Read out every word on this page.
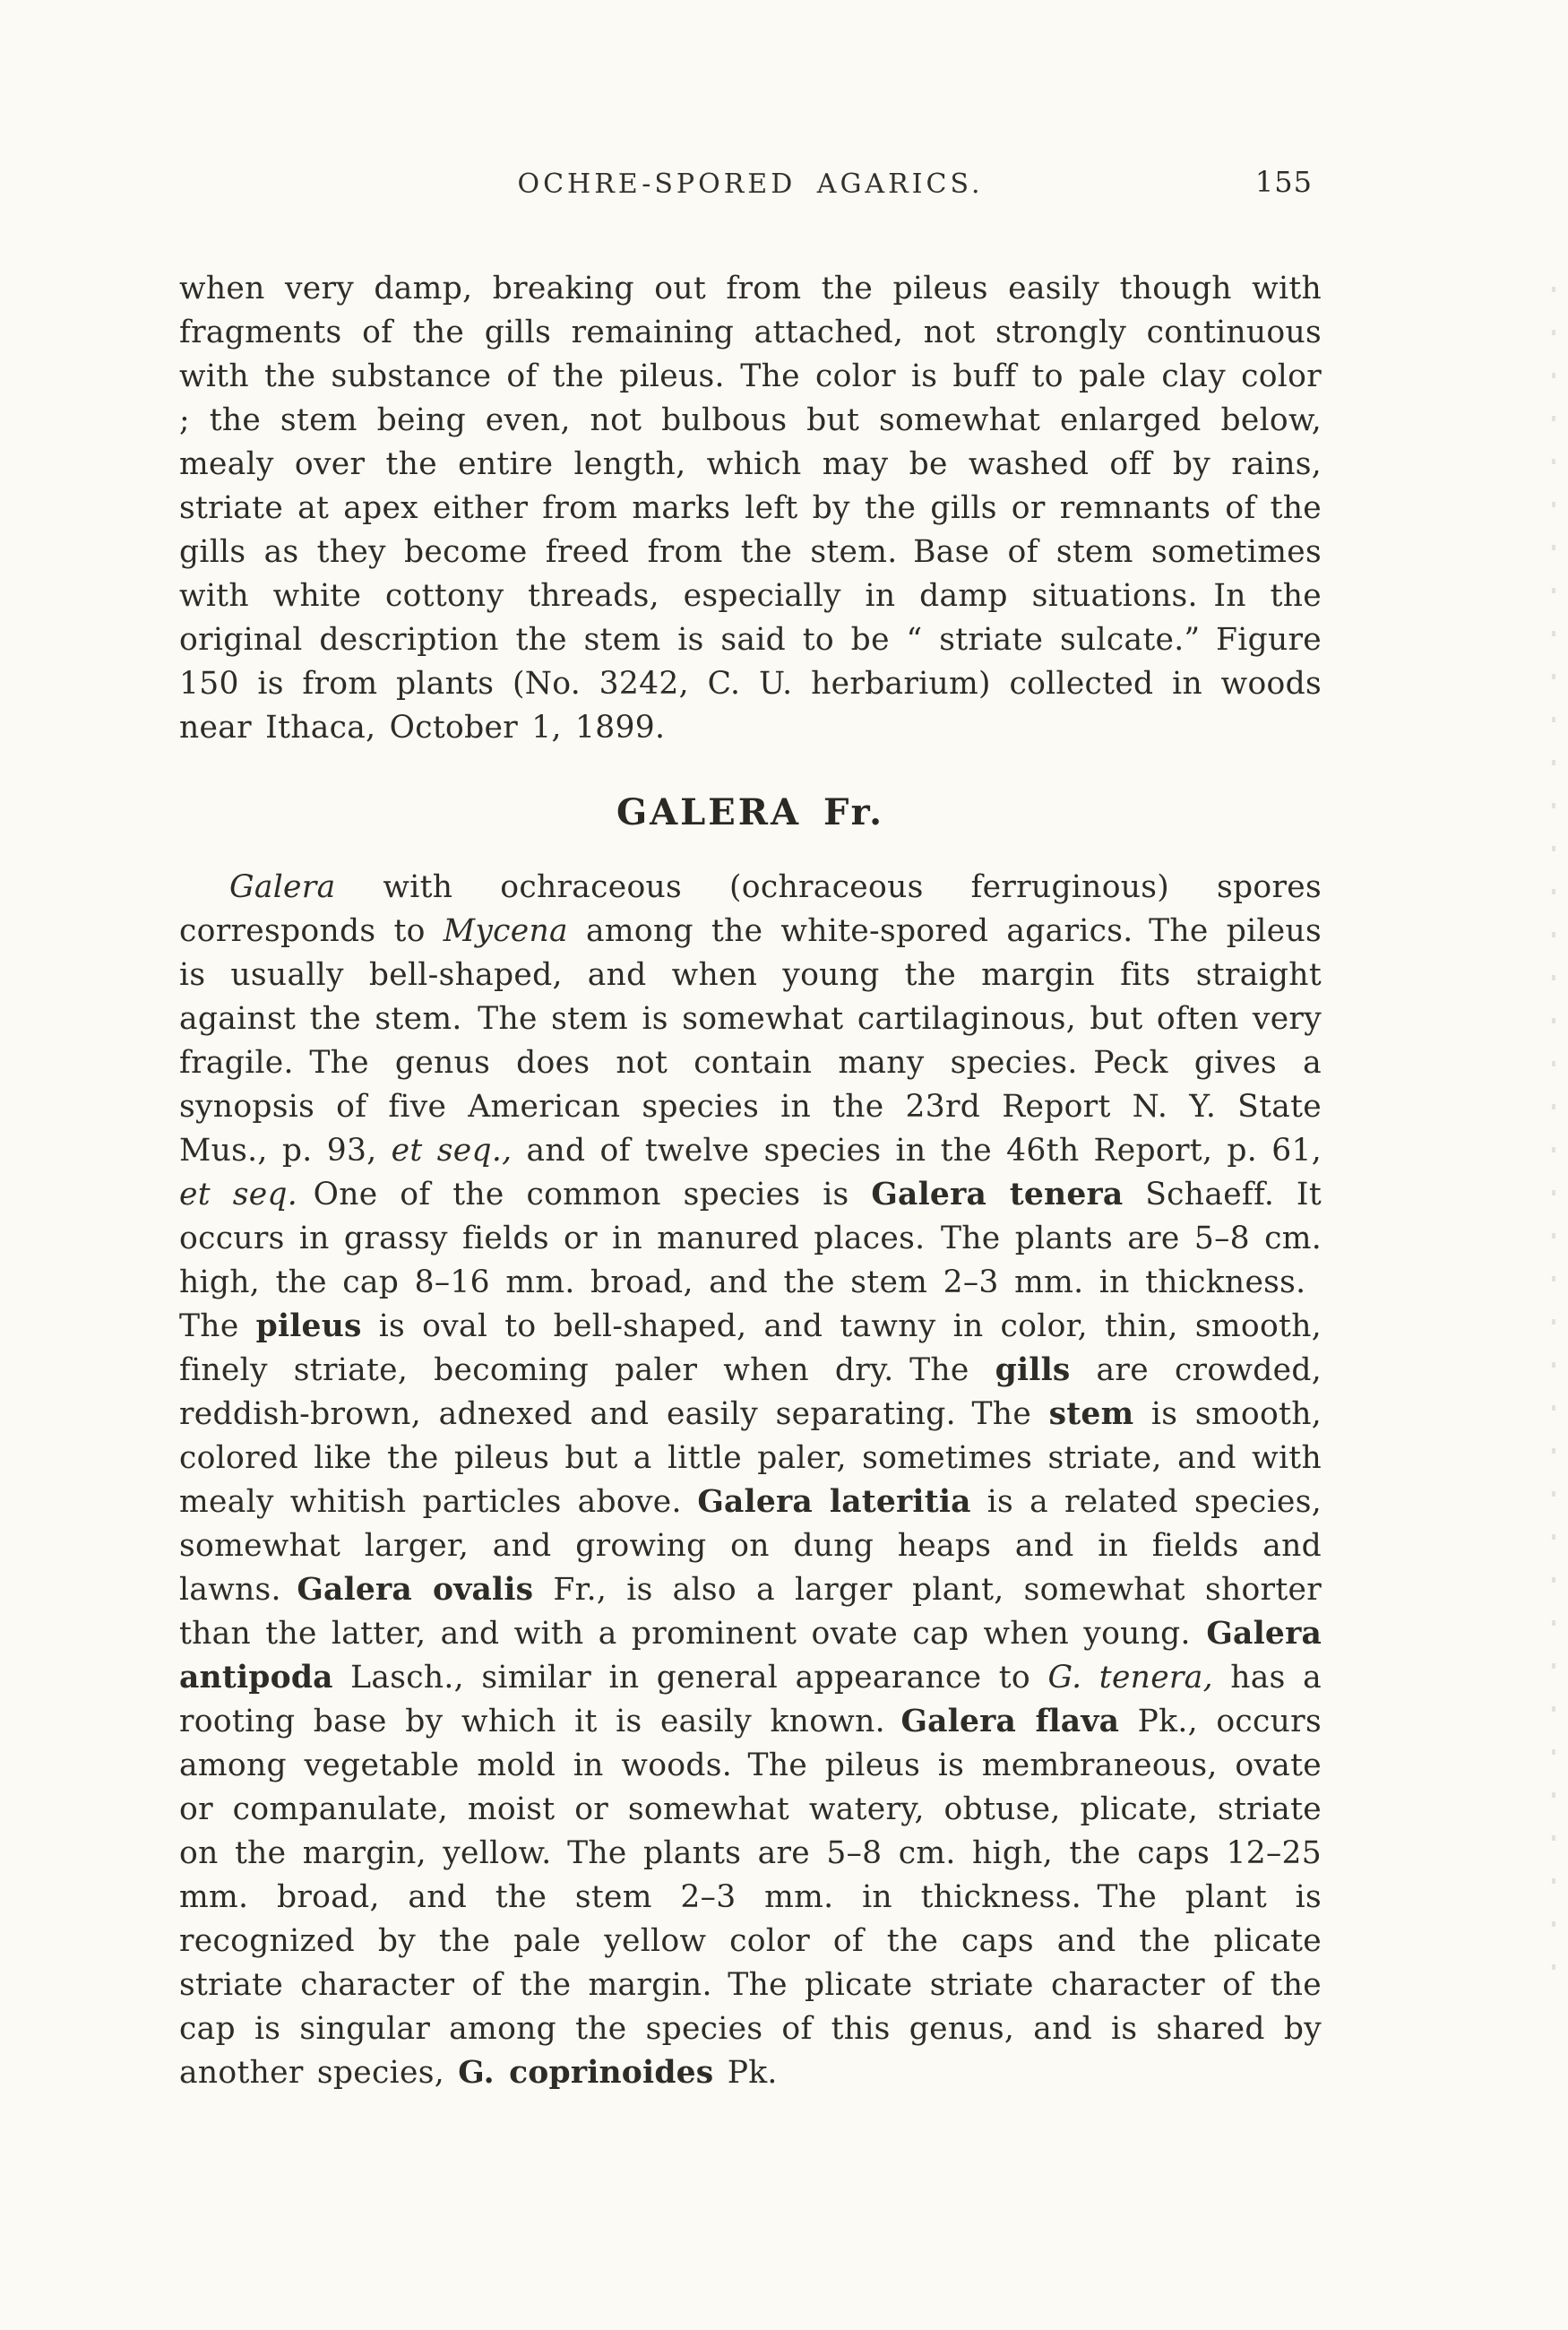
OCHRE-SPORED AGARICS.	155

when very damp, breaking out from the pileus easily though with fragments of the gills remaining attached, not strongly continuous with the substance of the pileus. The color is buff to pale clay color ; the stem being even, not bulbous but somewhat enlarged below, mealy over the entire length, which may be washed off by rains, striate at apex either from marks left by the gills or remnants of the gills as they become freed from the stem. Base of stem sometimes with white cottony threads, especially in damp situations. In the original description the stem is said to be “ striate sulcate.” Figure 150 is from plants (No. 3242, C. U. herbarium) collected in woods near Ithaca, October 1, 1899.

GALERA Fr.

Galera with ochraceous (ochraceous ferruginous) spores corresponds to Mycena among the white-spored agarics. The pileus is usually bell-shaped, and when young the margin fits straight against the stem. The stem is somewhat cartilaginous, but often very fragile. The genus does not contain many species. Peck gives a synopsis of five American species in the 23rd Report N. Y. State Mus., p. 93, et seq., and of twelve species in the 46th Report, p. 61, et seq. One of the common species is Galera tenera Schaeff. It occurs in grassy fields or in manured places. The plants are 5–8 cm. high, the cap 8–16 mm. broad, and the stem 2–3 mm. in thickness. The pileus is oval to bell-shaped, and tawny in color, thin, smooth, finely striate, becoming paler when dry. The gills are crowded, reddish-brown, adnexed and easily separating. The stem is smooth, colored like the pileus but a little paler, sometimes striate, and with mealy whitish particles above. Galera lateritia is a related species, somewhat larger, and growing on dung heaps and in fields and lawns. Galera ovalis Fr., is also a larger plant, somewhat shorter than the latter, and with a prominent ovate cap when young. Galera antipoda Lasch., similar in general appearance to G. tenera, has a rooting base by which it is easily known. Galera flava Pk., occurs among vegetable mold in woods. The pileus is membraneous, ovate or companulate, moist or somewhat watery, obtuse, plicate, striate on the margin, yellow. The plants are 5–8 cm. high, the caps 12–25 mm. broad, and the stem 2–3 mm. in thickness. The plant is recognized by the pale yellow color of the caps and the plicate striate character of the margin. The plicate striate character of the cap is singular among the species of this genus, and is shared by another species, G. coprinoides Pk.
